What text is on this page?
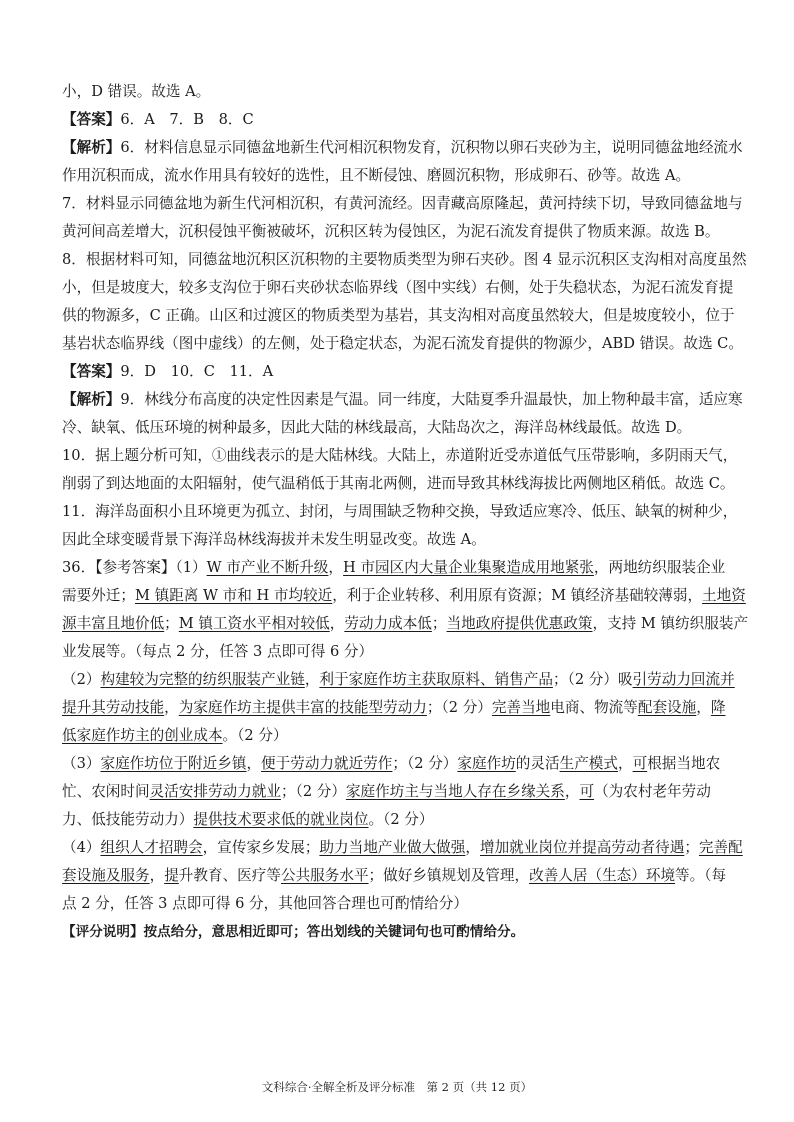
小，D 错误。故选 A。
【答案】6．A　7．B　8．C
【解析】6．材料信息显示同德盆地新生代河相沉积物发育，沉积物以卵石夹砂为主，说明同德盆地经流水
作用沉积而成，流水作用具有较好的选性，且不断侵蚀、磨圆沉积物，形成卵石、砂等。故选 A。
7．材料显示同德盆地为新生代河相沉积，有黄河流经。因青藏高原隆起，黄河持续下切，导致同德盆地与
黄河间高差增大，沉积侵蚀平衡被破坏，沉积区转为侵蚀区，为泥石流发育提供了物质来源。故选 B。
8．根据材料可知，同德盆地沉积区沉积物的主要物质类型为卵石夹砂。图 4 显示沉积区支沟相对高度虽然
小，但是坡度大，较多支沟位于卵石夹砂状态临界线（图中实线）右侧，处于失稳状态，为泥石流发育提
供的物源多，C 正确。山区和过渡区的物质类型为基岩，其支沟相对高度虽然较大，但是坡度较小，位于
基岩状态临界线（图中虚线）的左侧，处于稳定状态，为泥石流发育提供的物源少，ABD 错误。故选 C。
【答案】9．D　10．C　11．A
【解析】9．林线分布高度的决定性因素是气温。同一纬度，大陆夏季升温最快，加上物种最丰富，适应寒
冷、缺氧、低压环境的树种最多，因此大陆的林线最高，大陆岛次之，海洋岛林线最低。故选 D。
10．据上题分析可知，①曲线表示的是大陆林线。大陆上，赤道附近受赤道低气压带影响，多阴雨天气，
削弱了到达地面的太阳辐射，使气温稍低于其南北两侧，进而导致其林线海拔比两侧地区稍低。故选 C。
11．海洋岛面积小且环境更为孤立、封闭，与周围缺乏物种交换，导致适应寒冷、低压、缺氧的树种少，
因此全球变暖背景下海洋岛林线海拔并未发生明显改变。故选 A。
36．【参考答案】（1）W 市产业不断升级，H 市园区内大量企业集聚造成用地紧张，两地纺织服装企业
需要外迁；M 镇距离 W 市和 H 市均较近，利于企业转移、利用原有资源；M 镇经济基础较薄弱，土地资
源丰富且地价低；M 镇工资水平相对较低，劳动力成本低；当地政府提供优惠政策，支持 M 镇纺织服装产
业发展等。（每点 2 分，任答 3 点即可得 6 分）
（2）构建较为完整的纺织服装产业链，利于家庭作坊主获取原料、销售产品；（2 分）吸引劳动力回流并
提升其劳动技能，为家庭作坊主提供丰富的技能型劳动力；（2 分）完善当地电商、物流等配套设施，降
低家庭作坊主的创业成本。（2 分）
（3）家庭作坊位于附近乡镇，便于劳动力就近劳作；（2 分）家庭作坊的灵活生产模式，可根据当地农
忙、农闲时间灵活安排劳动力就业；（2 分）家庭作坊主与当地人存在乡缘关系，可（为农村老年劳动
力、低技能劳动力）提供技术要求低的就业岗位。（2 分）
（4）组织人才招聘会，宣传家乡发展；助力当地产业做大做强，增加就业岗位并提高劳动者待遇；完善配
套设施及服务，提升教育、医疗等公共服务水平；做好乡镇规划及管理，改善人居（生态）环境等。（每
点 2 分，任答 3 点即可得 6 分，其他回答合理也可酌情给分）
【评分说明】按点给分，意思相近即可；答出划线的关键词句也可酌情给分。
文科综合·全解全析及评分标准　第 2 页（共 12 页）
